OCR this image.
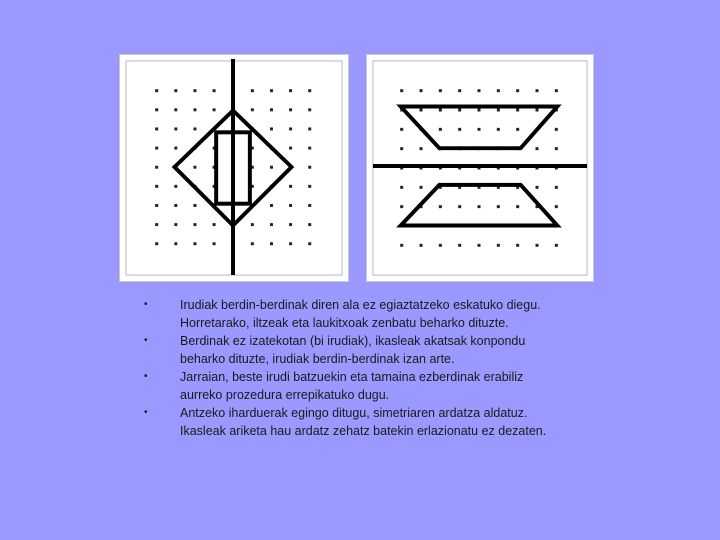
•	Irudiak berdin-berdinak diren ala ez egiaztatzeko eskatuko diegu.
Horretarako, iltzeak eta laukitxoak zenbatu beharko dituzte.
•	Berdinak ez izatekotan (bi irudiak), ikasleak akatsak konpondu
beharko dituzte, irudiak berdin-berdinak izan arte.
•	Jarraian, beste irudi batzuekin eta tamaina ezberdinak erabiliz
aurreko prozedura errepikatuko dugu.
•	Antzeko iharduerak egingo ditugu, simetriaren ardatza aldatuz.
Ikasleak ariketa hau ardatz zehatz batekin erlazionatu ez dezaten.
